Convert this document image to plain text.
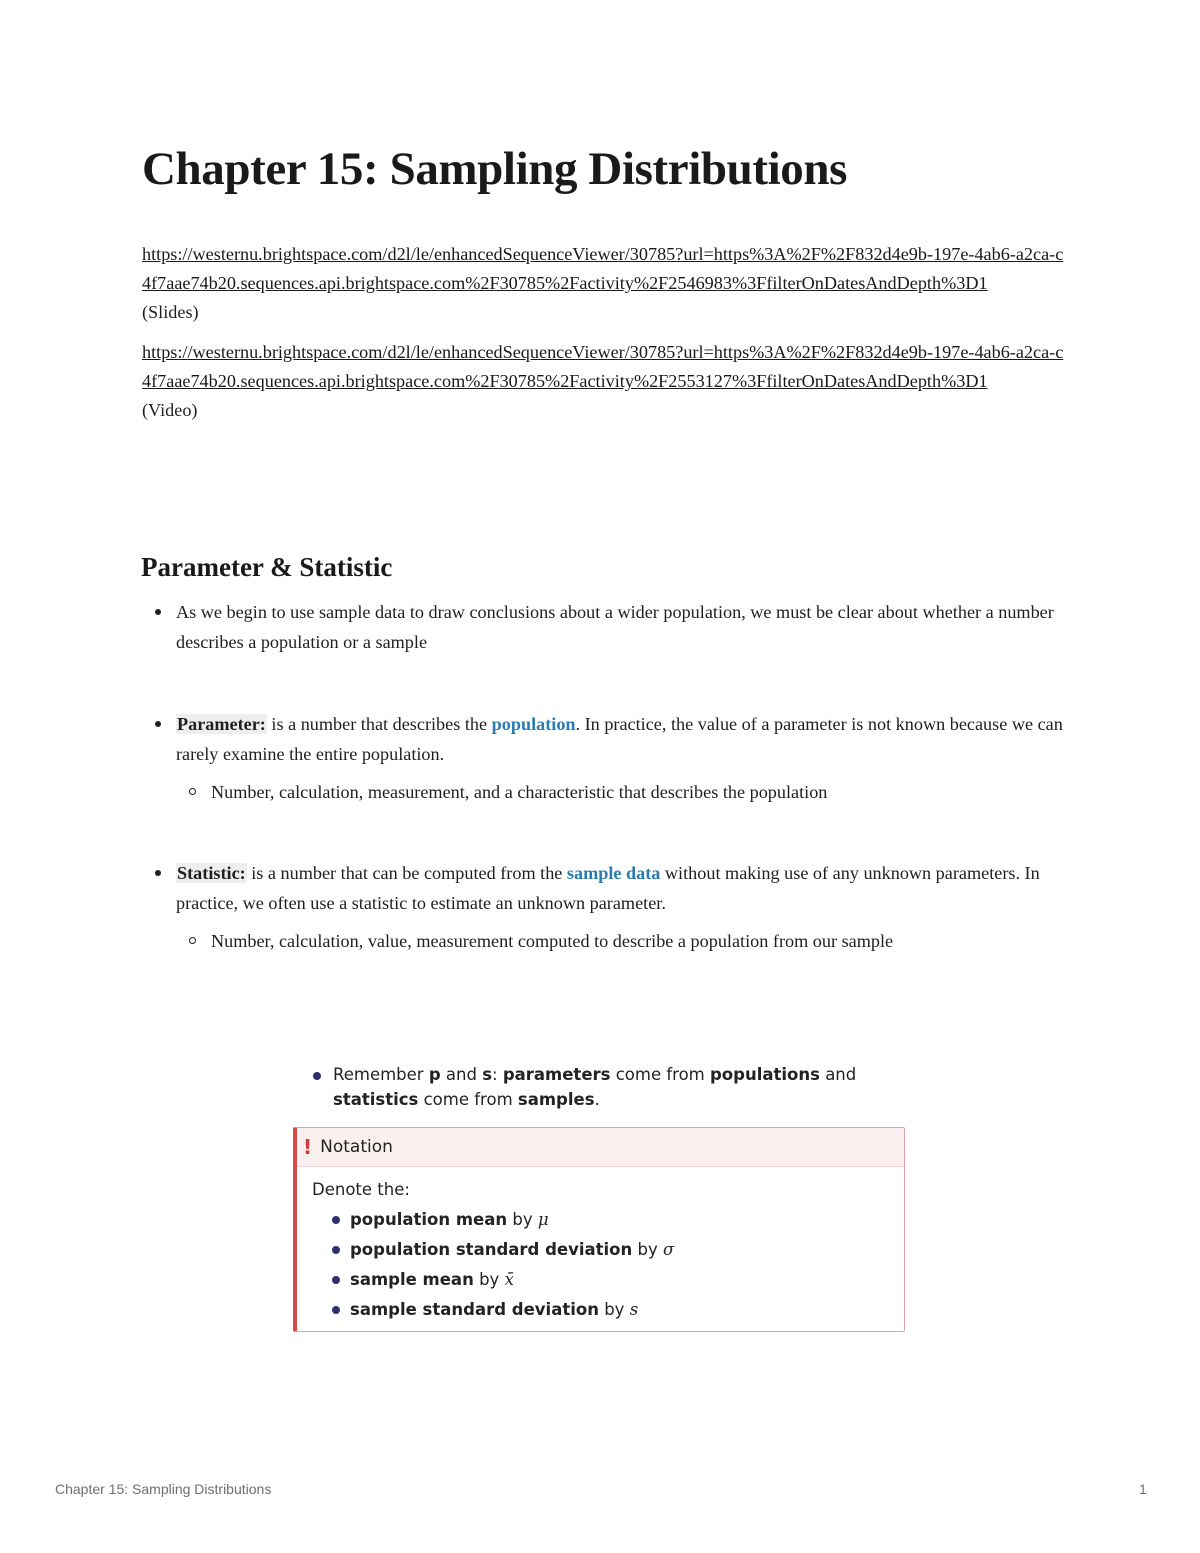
Chapter 15: Sampling Distributions
https://westernu.brightspace.com/d2l/le/enhancedSequenceViewer/30785?url=https%3A%2F%2F832d4e9b-197e-4ab6-a2ca-c4f7aae74b20.sequences.api.brightspace.com%2F30785%2Factivity%2F2546983%3FfilterOnDatesAndDepth%3D1
(Slides)
https://westernu.brightspace.com/d2l/le/enhancedSequenceViewer/30785?url=https%3A%2F%2F832d4e9b-197e-4ab6-a2ca-c4f7aae74b20.sequences.api.brightspace.com%2F30785%2Factivity%2F2553127%3FfilterOnDatesAndDepth%3D1
(Video)
Parameter & Statistic
As we begin to use sample data to draw conclusions about a wider population, we must be clear about whether a number describes a population or a sample
Parameter: is a number that describes the population. In practice, the value of a parameter is not known because we can rarely examine the entire population.
Number, calculation, measurement, and a characteristic that describes the population
Statistic: is a number that can be computed from the sample data without making use of any unknown parameters. In practice, we often use a statistic to estimate an unknown parameter.
Number, calculation, value, measurement computed to describe a population from our sample
Remember p and s: parameters come from populations and statistics come from samples.
! Notation
Denote the:
population mean by μ
population standard deviation by σ
sample mean by x̄
sample standard deviation by s
Chapter 15: Sampling Distributions	1
